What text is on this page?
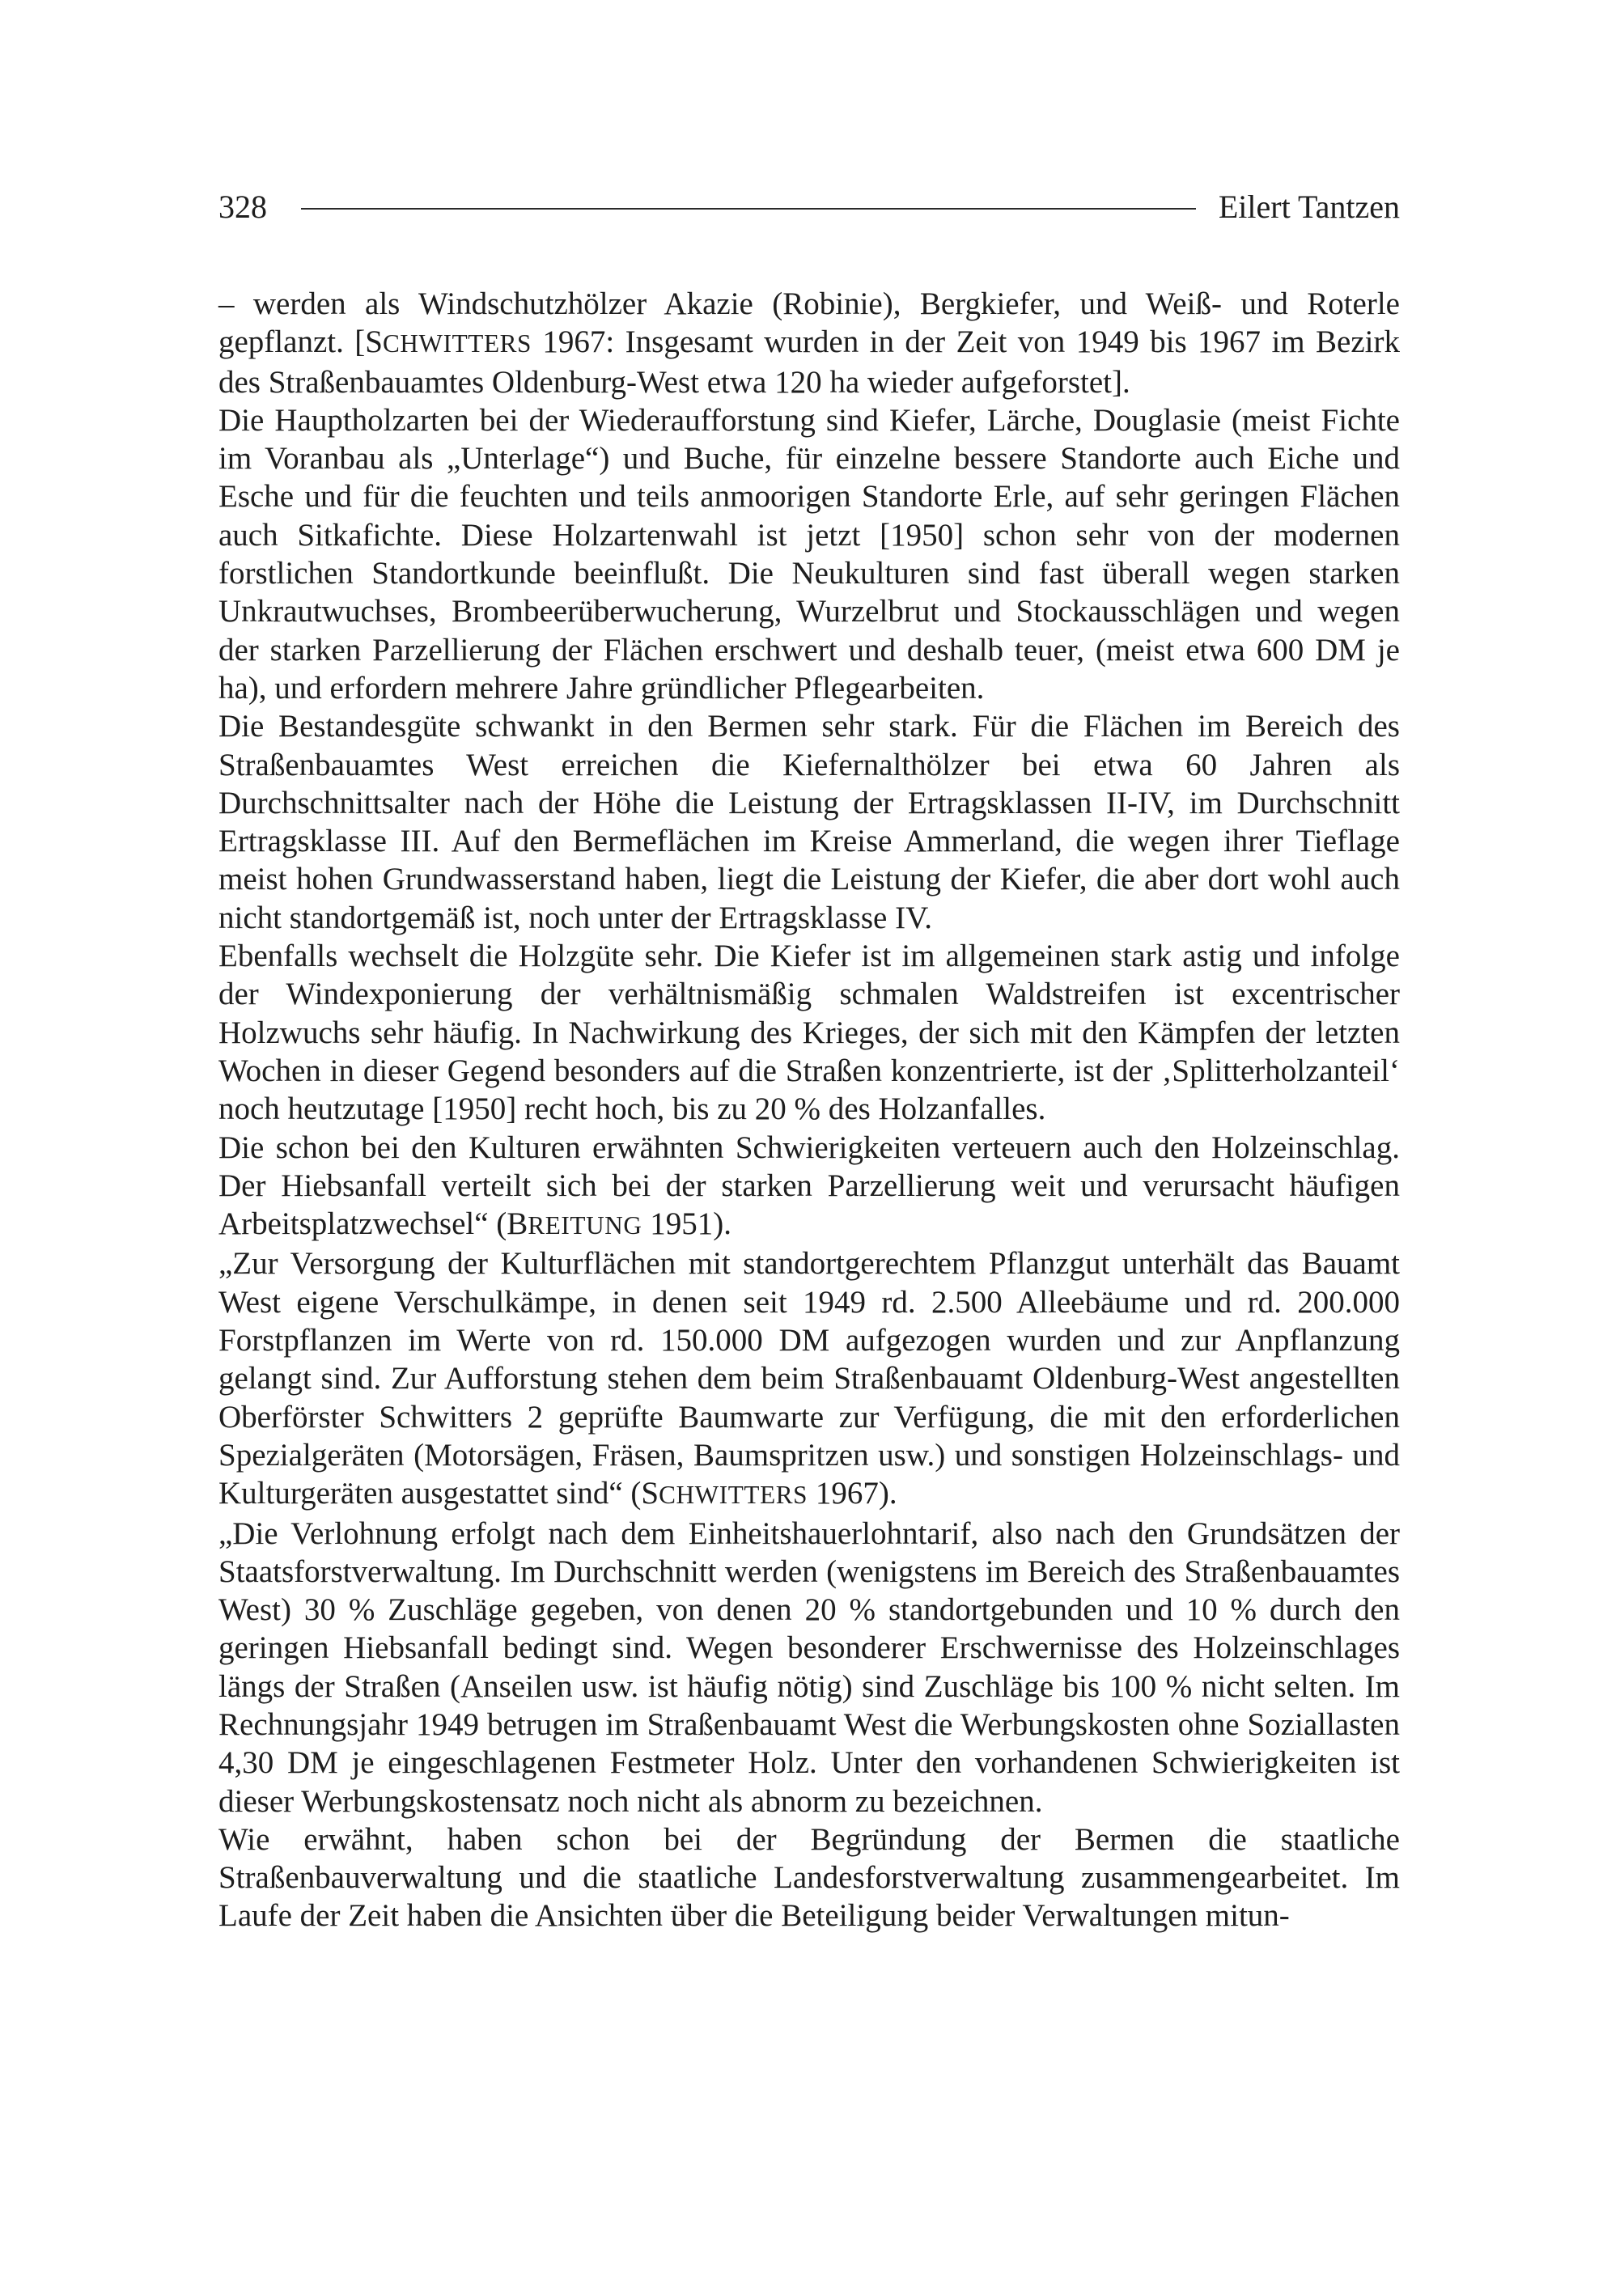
328	Eilert Tantzen

– werden als Windschutzhölzer Akazie (Robinie), Bergkiefer, und Weiß- und Roterle gepflanzt. [SCHWITTERS 1967: Insgesamt wurden in der Zeit von 1949 bis 1967 im Bezirk des Straßenbauamtes Oldenburg-West etwa 120 ha wieder aufgeforstet].

Die Hauptholzarten bei der Wiederaufforstung sind Kiefer, Lärche, Douglasie (meist Fichte im Voranbau als „Unterlage“) und Buche, für einzelne bessere Standorte auch Eiche und Esche und für die feuchten und teils anmoorigen Standorte Erle, auf sehr geringen Flächen auch Sitkafichte. Diese Holzartenwahl ist jetzt [1950] schon sehr von der modernen forstlichen Standortkunde beeinflußt. Die Neukulturen sind fast überall wegen starken Unkrautwuchses, Brombeerüberwucherung, Wurzelbrut und Stockausschlägen und wegen der starken Parzellierung der Flächen erschwert und deshalb teuer, (meist etwa 600 DM je ha), und erfordern mehrere Jahre gründlicher Pflegearbeiten.

Die Bestandesgüte schwankt in den Bermen sehr stark. Für die Flächen im Bereich des Straßenbauamtes West erreichen die Kiefernalthölzer bei etwa 60 Jahren als Durchschnittsalter nach der Höhe die Leistung der Ertragsklassen II-IV, im Durchschnitt Ertragsklasse III. Auf den Bermeflächen im Kreise Ammerland, die wegen ihrer Tieflage meist hohen Grundwasserstand haben, liegt die Leistung der Kiefer, die aber dort wohl auch nicht standortgemäß ist, noch unter der Ertragsklasse IV.

Ebenfalls wechselt die Holzgüte sehr. Die Kiefer ist im allgemeinen stark astig und infolge der Windexponierung der verhältnismäßig schmalen Waldstreifen ist excentrischer Holzwuchs sehr häufig. In Nachwirkung des Krieges, der sich mit den Kämpfen der letzten Wochen in dieser Gegend besonders auf die Straßen konzentrierte, ist der ‚Splitterholzanteil‘ noch heutzutage [1950] recht hoch, bis zu 20 % des Holzanfalles.

Die schon bei den Kulturen erwähnten Schwierigkeiten verteuern auch den Holzeinschlag. Der Hiebsanfall verteilt sich bei der starken Parzellierung weit und verursacht häufigen Arbeitsplatzwechsel“ (BREITUNG 1951).

„Zur Versorgung der Kulturflächen mit standortgerechtem Pflanzgut unterhält das Bauamt West eigene Verschulkämpe, in denen seit 1949 rd. 2.500 Alleebäume und rd. 200.000 Forstpflanzen im Werte von rd. 150.000 DM aufgezogen wurden und zur Anpflanzung gelangt sind. Zur Aufforstung stehen dem beim Straßenbauamt Oldenburg-West angestellten Oberförster Schwitters 2 geprüfte Baumwarte zur Verfügung, die mit den erforderlichen Spezialgeräten (Motorsägen, Fräsen, Baumspritzen usw.) und sonstigen Holzeinschlags- und Kulturgeräten ausgestattet sind“ (SCHWITTERS 1967).

„Die Verlohnung erfolgt nach dem Einheitshauerlohntarif, also nach den Grundsätzen der Staatsforstverwaltung. Im Durchschnitt werden (wenigstens im Bereich des Straßenbauamtes West) 30 % Zuschläge gegeben, von denen 20 % standortgebunden und 10 % durch den geringen Hiebsanfall bedingt sind. Wegen besonderer Erschwernisse des Holzeinschlages längs der Straßen (Anseilen usw. ist häufig nötig) sind Zuschläge bis 100 % nicht selten. Im Rechnungsjahr 1949 betrugen im Straßenbauamt West die Werbungskosten ohne Soziallasten 4,30 DM je eingeschlagenen Festmeter Holz. Unter den vorhandenen Schwierigkeiten ist dieser Werbungskostensatz noch nicht als abnorm zu bezeichnen.

Wie erwähnt, haben schon bei der Begründung der Bermen die staatliche Straßenbauverwaltung und die staatliche Landesforstverwaltung zusammengearbeitet. Im Laufe der Zeit haben die Ansichten über die Beteiligung beider Verwaltungen mitun-
